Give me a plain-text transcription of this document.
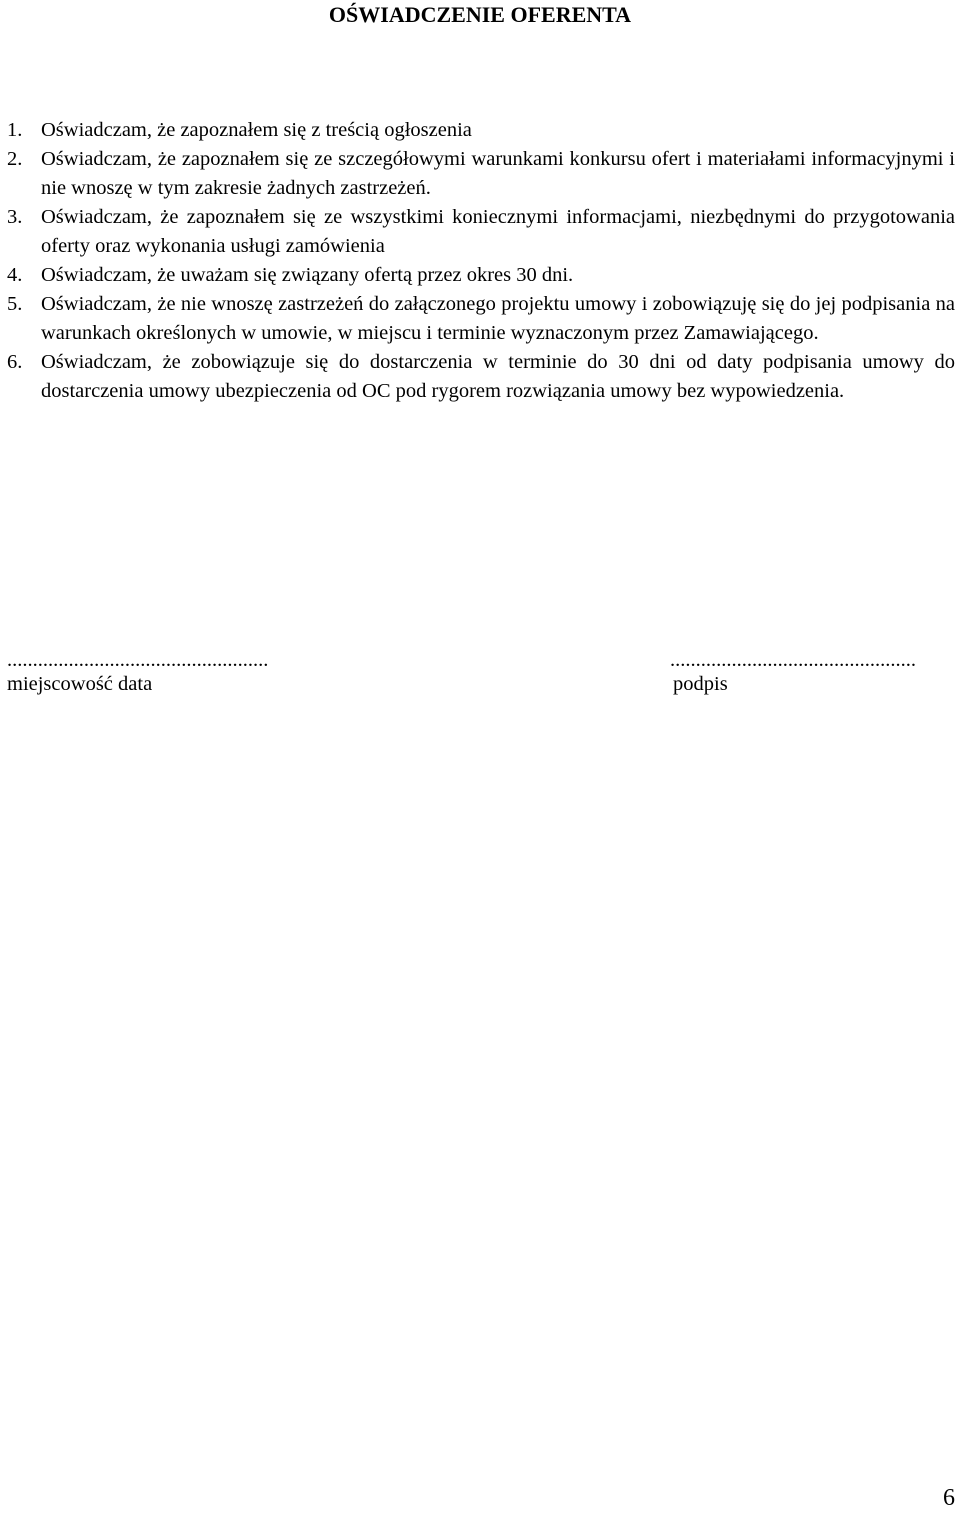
OŚWIADCZENIE OFERENTA
1. Oświadczam, że zapoznałem się z treścią ogłoszenia
2. Oświadczam, że zapoznałem się ze szczegółowymi warunkami konkursu ofert i materiałami informacyjnymi i nie wnoszę w tym zakresie żadnych zastrzeżeń.
3. Oświadczam, że zapoznałem się ze wszystkimi koniecznymi informacjami, niezbędnymi do przygotowania oferty oraz wykonania usługi zamówienia
4. Oświadczam, że uważam się związany ofertą przez okres 30 dni.
5. Oświadczam, że nie wnoszę zastrzeżeń do załączonego projektu umowy i zobowiązuję się do jej podpisania na warunkach określonych w umowie, w miejscu i terminie wyznaczonym przez Zamawiającego.
6. Oświadczam, że zobowiązuje się do dostarczenia w terminie do 30 dni od daty podpisania umowy do dostarczenia umowy ubezpieczenia od OC pod rygorem rozwiązania umowy bez wypowiedzenia.
...................................................	................................................
miejscowość data	podpis
6
